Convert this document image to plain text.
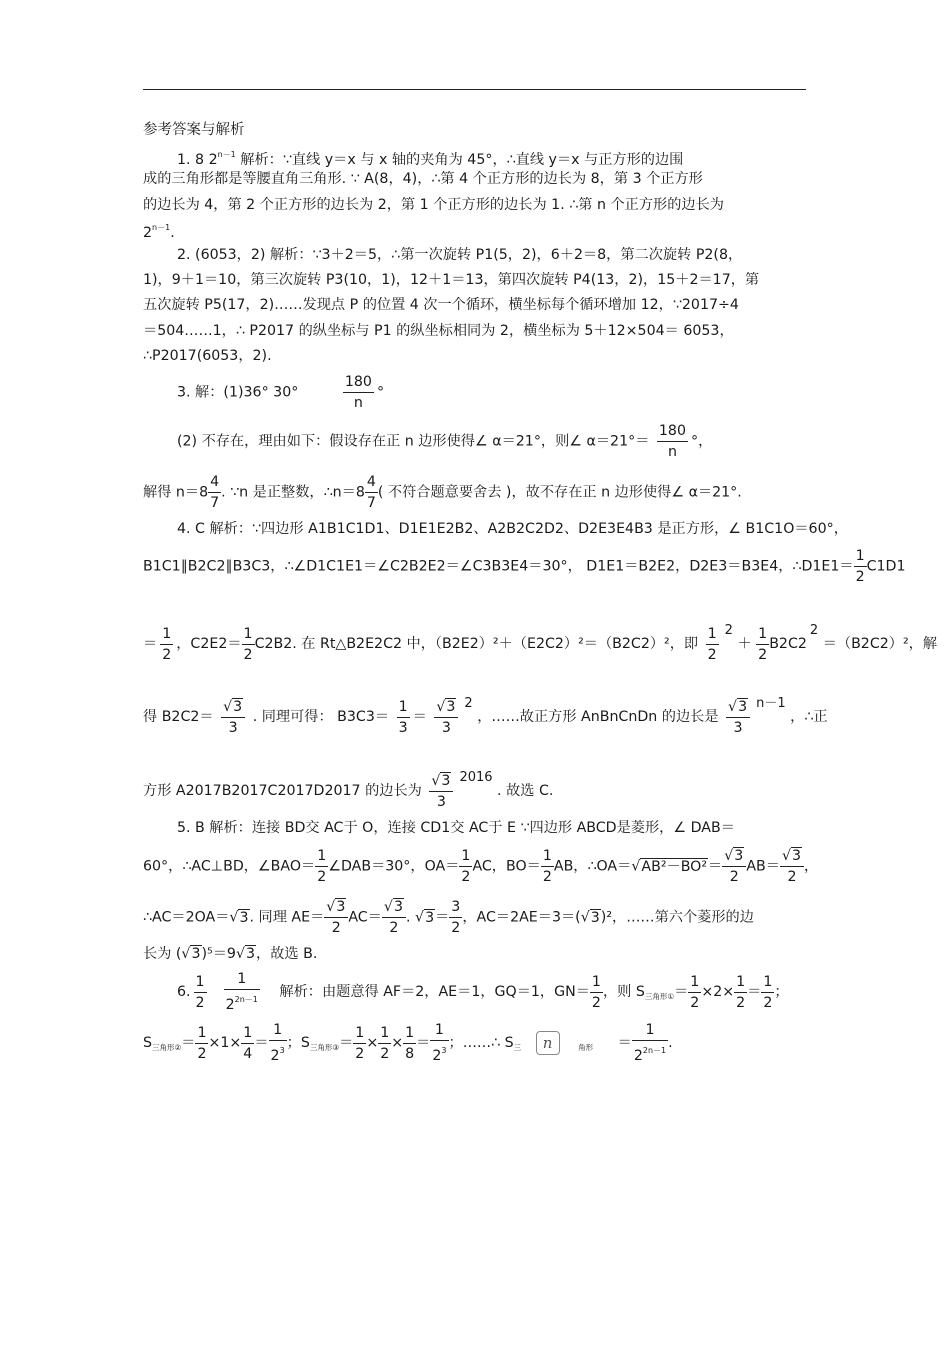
参考答案与解析
1. 8 $2^{n-1}$ 解析：∵直线 y＝x 与 x 轴的夹角为 45°，∴直线 y＝x 与正方形的边围
成的三角形都是等腰直角三角形. ∵ A(8，4)，∴第 4 个正方形的边长为 8，第 3 个正方形
的边长为 4，第 2 个正方形的边长为 2，第 1 个正方形的边长为 1. ∴第 n 个正方形的边长为
$2^{n-1}$.
2. (6053，2) 解析：∵3＋2＝5，∴第一次旋转 P1(5，2)，6＋2＝8，第二次旋转 P2(8，
1)，9＋1＝10，第三次旋转 P3(10，1)，12＋1＝13，第四次旋转 P4(13，2)，15＋2＝17，第
五次旋转 P5(17，2)……发现点 P 的位置 4 次一个循环，横坐标每个循环增加 12，∵2017÷4
＝504……1，∴ P2017 的纵坐标与 P1 的纵坐标相同为 2，横坐标为 5＋12×504＝ 6053，
∴P2017(6053，2).
3. 解：(1)36° 30°	$\frac{180}{n}$ °
(2) 不存在，理由如下：假设存在正 n 边形使得∠ α＝21°，则∠ $\alpha=21^\circ= \frac{180}{n}$ °，
解得 $n=8 \frac{4}{7}$ . ∵n 是正整数，∴n＝8 $\frac{4}{7}$ ( 不符合题意要舍去 )，故不存在正 n 边形使得∠ α＝21°.
4. C 解析：∵四边形 A1B1C1D1、D1E1E2B2、A2B2C2D2、D2E3E4B3 是正方形，∠ B1C1O＝60°，
B1C1∥B2C2∥B3C3，∴∠D1C1E1＝∠C2B2E2＝∠C3B3E4＝30°， D1E1＝B2E2，D2E3＝B3E4，∴D1E1＝ $\frac{1}{2} C1D1$
＝ $\frac{1}{2}$ ，$C2E2= \frac{1}{2} C2B2$. 在 Rt△B2E2C2 中，（B2E2）²＋（E2C2）²＝（B2C2）²，即 $\frac{1}{2} 2 + \frac{1}{2} B2C22 =(B2C2)^2$，解
得 $B2C2= \frac{√3}{3}$ . 同理可得： $B3C3= \frac{1}{3} = \frac{√3}{3} 2$ ，……故正方形 AnBnCnDn 的边长是 $\frac{√3}{3} n-1$ ，∴正
方形 A2017B2017C2017D2017 的边长为 $\frac{√3}{3} 2016$ . 故选 C.
5. B 解析：连接 BD交 AC于 O，连接 CD1交 AC于 E ∵四边形 ABCD是菱形，∠ DAB＝
60°，∴AC⊥BD，∠BAO＝ $\frac{1}{2}$ ∠DAB＝30°，$OA= \frac{1}{2}$ AC，$BO= \frac{1}{2}$ AB，∴OA＝√AB²－BO²＝ $\frac{√3}{2} AB= \frac{√3}{2}$ ，
∴AC＝2OA＝√3. 同理 $AE= \frac{√3}{2} AC= \frac{√3}{2}$ . $√3= \frac{3}{2}$ ，AC＝2AE＝3＝(√3)²，……第六个菱形的边
长为 (√3)⁵＝9√3，故选 B.
6. $\frac{1}{2} \frac{1}{2^{2n-1}}$ 解析：由题意得 AF＝2，AE＝1，GQ＝1，$GN= \frac{1}{2}$ ，则 $S_{三角形①}= \frac{1}{2} \times 2\times \frac{1}{2} = \frac{1}{2}$ ；
$S_{三角形②}= \frac{1}{2} \times 1\times \frac{1}{4} = \frac{1}{2^3}$ ；$S_{三角形③}= \frac{1}{2} \times \frac{1}{2} \times \frac{1}{8} = \frac{1}{2^3}$ ；……∴ $S_三$ n	$_{角形} = \frac{1}{2^{2n-1}}$ .
